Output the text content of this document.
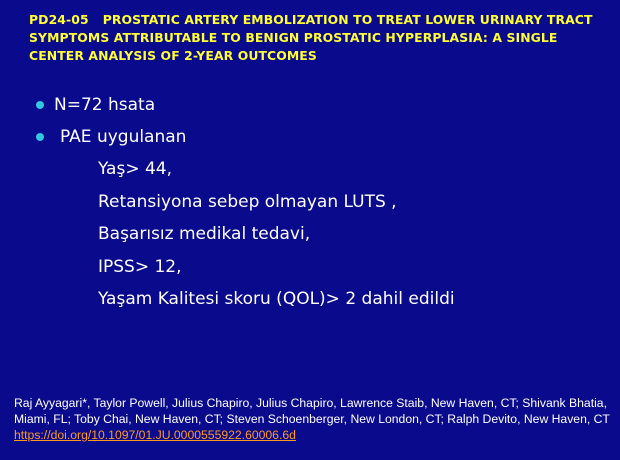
PD24-05 PROSTATIC ARTERY EMBOLIZATION TO TREAT LOWER URINARY TRACT SYMPTOMS ATTRIBUTABLE TO BENIGN PROSTATIC HYPERPLASIA: A SINGLE CENTER ANALYSIS OF 2-YEAR OUTCOMES
N=72 hsata
PAE uygulanan
Yaş> 44,
Retansiyona sebep olmayan LUTS ,
Başarısız medikal tedavi,
IPSS> 12,
Yaşam Kalitesi skoru (QOL)> 2 dahil edildi
Raj Ayyagari*, Taylor Powell, Julius Chapiro, Julius Chapiro, Lawrence Staib, New Haven, CT; Shivank Bhatia, Miami, FL; Toby Chai, New Haven, CT; Steven Schoenberger, New London, CT; Ralph Devito, New Haven, CT https://doi.org/10.1097/01.JU.0000555922.60006.6d
